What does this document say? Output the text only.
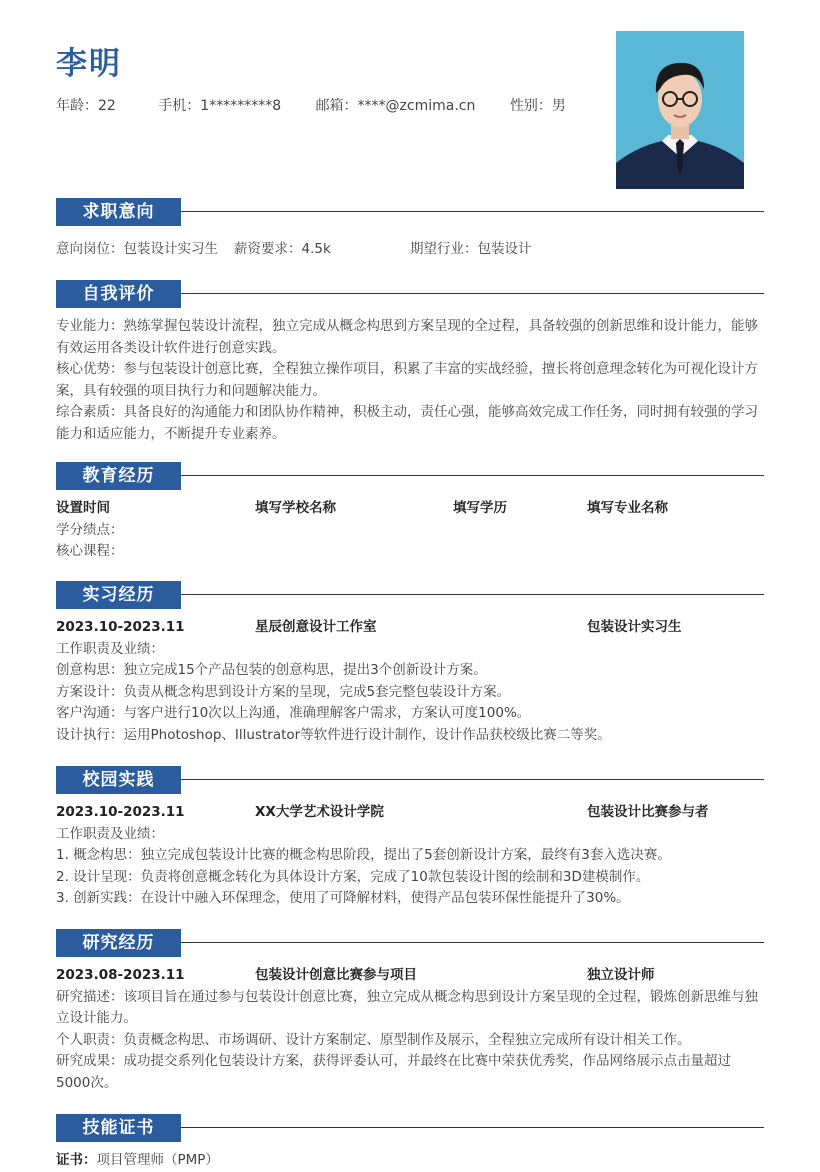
李明
年龄：22	手机：1*********8 邮箱：****@zcmima.cn 性别：男
求职意向
意向岗位：包装设计实习生 薪资要求：4.5k	期望行业：包装设计
自我评价

专业能力：熟练掌握包装设计流程，独立完成从概念构思到方案呈现的全过程，具备较强的创新思维和设计能力，能够有效运用各类设计软件进行创意实践。

核心优势：参与包装设计创意比赛，全程独立操作项目，积累了丰富的实战经验，擅长将创意理念转化为可视化设计方案，具有较强的项目执行力和问题解决能力。

综合素质：具备良好的沟通能力和团队协作精神，积极主动，责任心强，能够高效完成工作任务，同时拥有较强的学习能力和适应能力，不断提升专业素养。

教育经历
设置时间	填写学校名称	填写学历	填写专业名称

学分绩点：

核心课程：

实习经历
2023.10-2023.11	星辰创意设计工作室	包装设计实习生

工作职责及业绩：

创意构思：独立完成15个产品包装的创意构思，提出3个创新设计方案。

方案设计：负责从概念构思到设计方案的呈现，完成5套完整包装设计方案。

客户沟通：与客户进行10次以上沟通，准确理解客户需求，方案认可度100%。

设计执行：运用Photoshop、Illustrator等软件进行设计制作，设计作品获校级比赛二等奖。

校园实践
2023.10-2023.11	XX大学艺术设计学院	包装设计比赛参与者

工作职责及业绩：

1. 概念构思：独立完成包装设计比赛的概念构思阶段，提出了5套创新设计方案，最终有3套入选决赛。

2. 设计呈现：负责将创意概念转化为具体设计方案，完成了10款包装设计图的绘制和3D建模制作。

3. 创新实践：在设计中融入环保理念，使用了可降解材料，使得产品包装环保性能提升了30%。

研究经历
2023.08-2023.11	包装设计创意比赛参与项目	独立设计师

研究描述：该项目旨在通过参与包装设计创意比赛，独立完成从概念构思到设计方案呈现的全过程，锻炼创新思维与独立设计能力。

个人职责：负责概念构思、市场调研、设计方案制定、原型制作及展示，全程独立完成所有设计相关工作。

研究成果：成功提交系列化包装设计方案，获得评委认可，并最终在比赛中荣获优秀奖，作品网络展示点击量超过5000次。

技能证书

证书：项目管理师（PMP）
